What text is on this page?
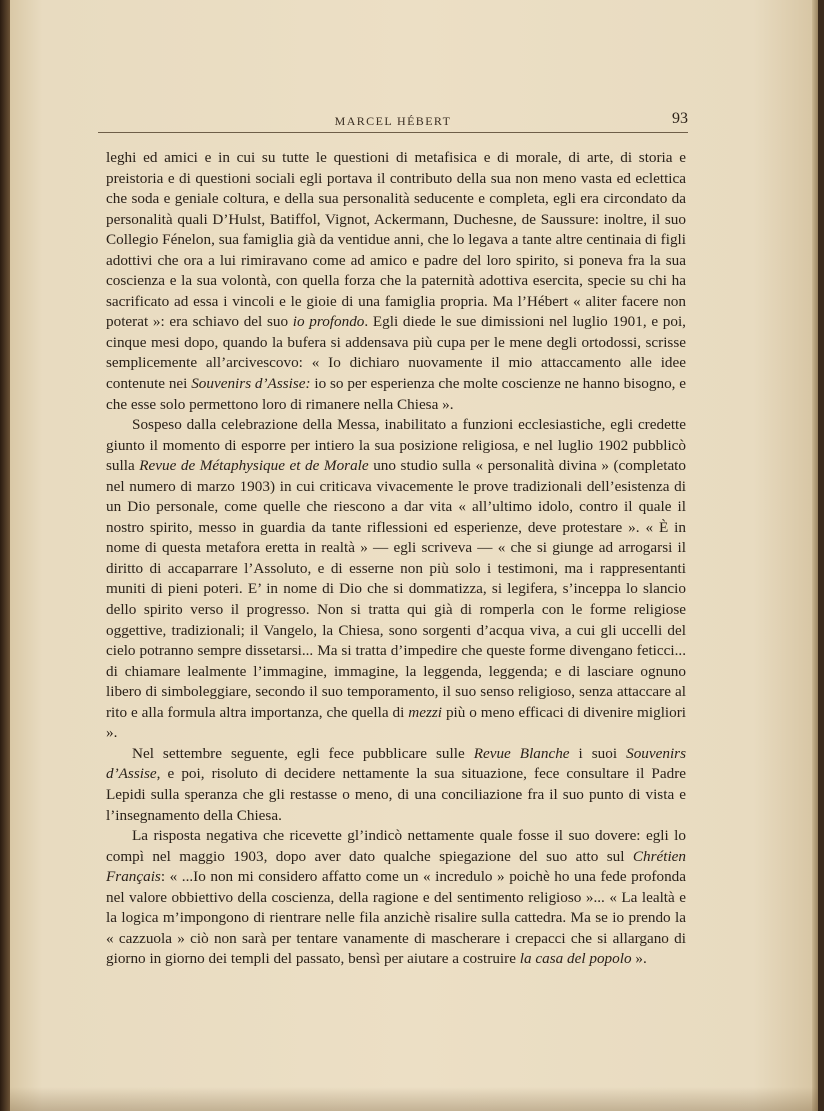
MARCEL HÉBERT	93

leghi ed amici e in cui su tutte le questioni di metafisica e di morale, di arte, di storia e preistoria e di questioni sociali egli portava il contributo della sua non meno vasta ed eclettica che soda e geniale coltura, e della sua personalità seducente e completa, egli era circondato da personalità quali D’Hulst, Batiffol, Vignot, Ackermann, Duchesne, de Saussure: inoltre, il suo Collegio Fénelon, sua famiglia già da ventidue anni, che lo legava a tante altre centinaia di figli adottivi che ora a lui rimiravano come ad amico e padre del loro spirito, si poneva fra la sua coscienza e la sua volontà, con quella forza che la paternità adottiva esercita, specie su chi ha sacrificato ad essa i vincoli e le gioie di una famiglia propria. Ma l’Hébert « aliter facere non poterat »: era schiavo del suo io profondo. Egli diede le sue dimissioni nel luglio 1901, e poi, cinque mesi dopo, quando la bufera si addensava più cupa per le mene degli ortodossi, scrisse semplicemente all’arcivescovo: « Io dichiaro nuovamente il mio attaccamento alle idee contenute nei Souvenirs d’Assise: io so per esperienza che molte coscienze ne hanno bisogno, e che esse solo permettono loro di rimanere nella Chiesa ».

Sospeso dalla celebrazione della Messa, inabilitato a funzioni ecclesiastiche, egli credette giunto il momento di esporre per intiero la sua posizione religiosa, e nel luglio 1902 pubblicò sulla Revue de Métaphysique et de Morale uno studio sulla « personalità divina » (completato nel numero di marzo 1903) in cui criticava vivacemente le prove tradizionali dell’esistenza di un Dio personale, come quelle che riescono a dar vita « all’ultimo idolo, contro il quale il nostro spirito, messo in guardia da tante riflessioni ed esperienze, deve protestare ». « È in nome di questa metafora eretta in realtà » — egli scriveva — « che si giunge ad arrogarsi il diritto di accaparrare l’Assoluto, e di esserne non più solo i testimoni, ma i rappresentanti muniti di pieni poteri. E’ in nome di Dio che si dommatizza, si legifera, s’inceppa lo slancio dello spirito verso il progresso. Non si tratta qui già di romperla con le forme religiose oggettive, tradizionali; il Vangelo, la Chiesa, sono sorgenti d’acqua viva, a cui gli uccelli del cielo potranno sempre dissetarsi... Ma si tratta d’impedire che queste forme divengano feticci... di chiamare lealmente l’immagine, immagine, la leggenda, leggenda; e di lasciare ognuno libero di simboleggiare, secondo il suo temporamento, il suo senso religioso, senza attaccare al rito e alla formula altra importanza, che quella di mezzi più o meno efficaci di divenire migliori ».

Nel settembre seguente, egli fece pubblicare sulle Revue Blanche i suoi Souvenirs d’Assise, e poi, risoluto di decidere nettamente la sua situazione, fece consultare il Padre Lepidi sulla speranza che gli restasse o meno, di una conciliazione fra il suo punto di vista e l’insegnamento della Chiesa.

La risposta negativa che ricevette gl’indicò nettamente quale fosse il suo dovere: egli lo compì nel maggio 1903, dopo aver dato qualche spiegazione del suo atto sul Chrétien Français: « ...Io non mi considero affatto come un « incredulo » poichè ho una fede profonda nel valore obbiettivo della coscienza, della ragione e del sentimento religioso »... « La lealtà e la logica m’impongono di rientrare nelle fila anzichè risalire sulla cattedra. Ma se io prendo la « cazzuola » ciò non sarà per tentare vanamente di mascherare i crepacci che si allargano di giorno in giorno dei templi del passato, bensì per aiutare a costruire la casa del popolo ».
